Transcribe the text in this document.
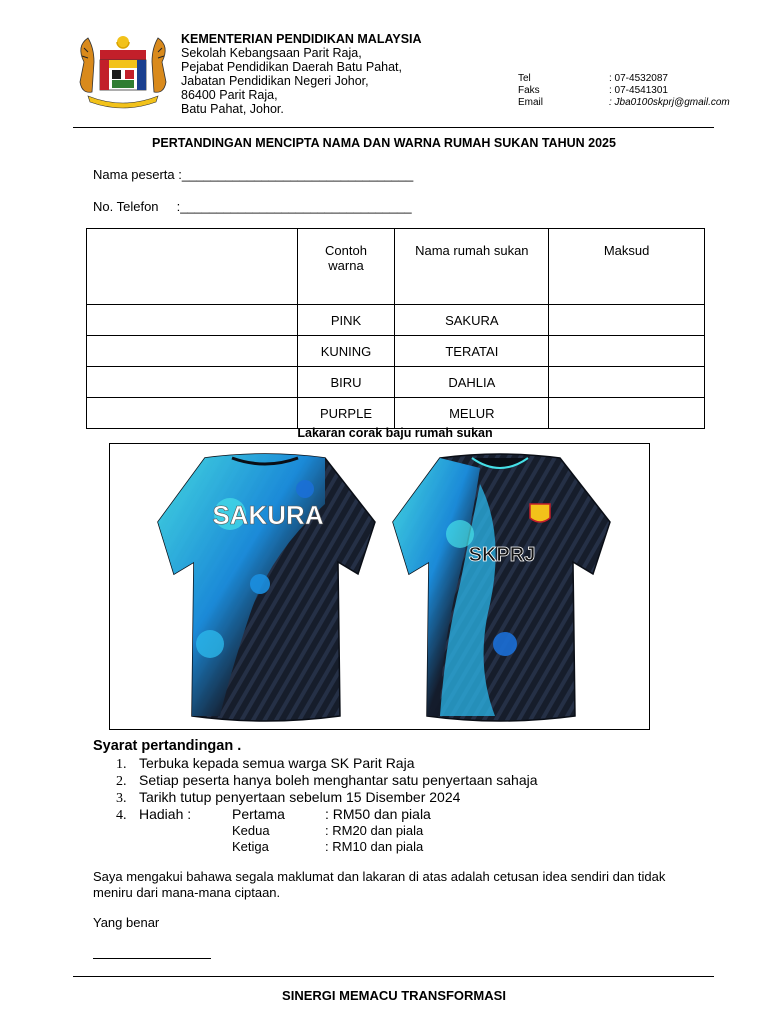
KEMENTERIAN PENDIDIKAN MALAYSIA
Sekolah Kebangsaan Parit Raja,
Pejabat Pendidikan Daerah Batu Pahat,
Jabatan Pendidikan Negeri Johor,
86400 Parit Raja,
Batu Pahat, Johor.
Tel	: 07-4532087
Faks	: 07-4541301
Email	: Jba0100skprj@gmail.com
PERTANDINGAN MENCIPTA NAMA DAN WARNA RUMAH SUKAN TAHUN 2025
Nama peserta :________________________________
No. Telefon     :________________________________

	Contoh warna	Nama rumah sukan	Maksud
	PINK	SAKURA	
	KUNING	TERATAI	
	BIRU	DAHLIA	
	PURPLE	MELUR	
Lakaran corak baju rumah sukan
SAKURA
SKPRJ
Syarat pertandingan .
1. Terbuka kepada semua warga SK Parit Raja
2. Setiap peserta hanya boleh menghantar satu penyertaan sahaja
3. Tarikh tutup penyertaan sebelum 15 Disember 2024
4. Hadiah :	Pertama	: RM50 dan piala
Kedua	: RM20 dan piala
Ketiga	: RM10 dan piala
Saya mengakui bahawa segala maklumat dan lakaran di atas adalah cetusan idea sendiri dan tidak meniru dari mana-mana ciptaan.
Yang benar
SINERGI MEMACU TRANSFORMASI
